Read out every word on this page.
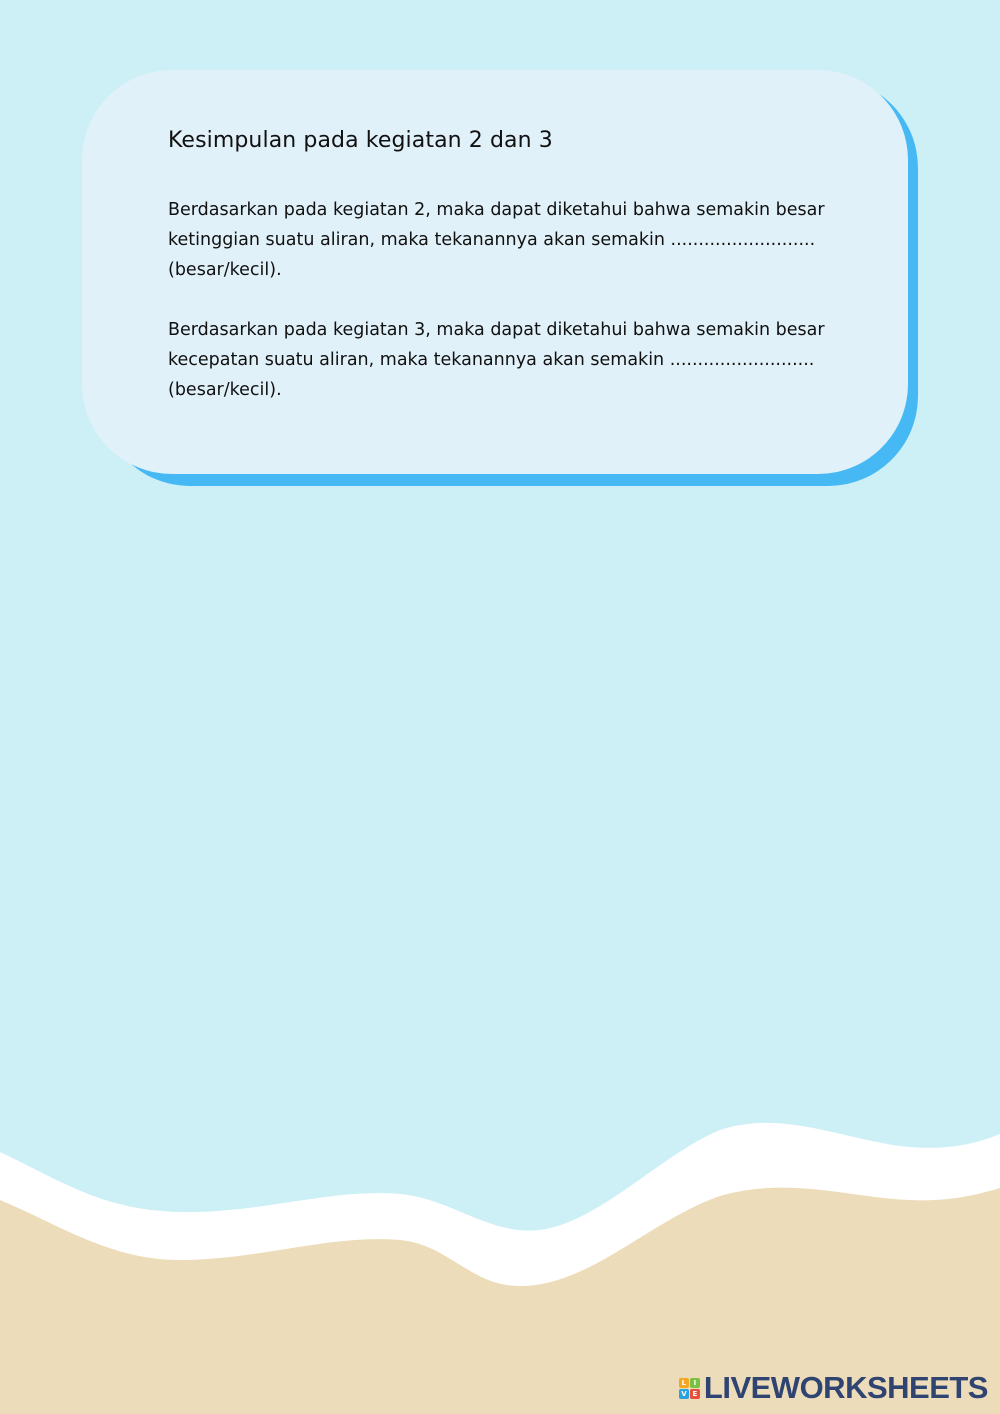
Kesimpulan pada kegiatan 2 dan 3

Berdasarkan pada kegiatan 2, maka dapat diketahui bahwa semakin besar
ketinggian suatu aliran, maka tekanannya akan semakin ..........................
(besar/kecil).

Berdasarkan pada kegiatan 3, maka dapat diketahui bahwa semakin besar
kecepatan suatu aliran, maka tekanannya akan semakin ..........................
(besar/kecil).

L	I
V E LIVEWORKSHEETS
